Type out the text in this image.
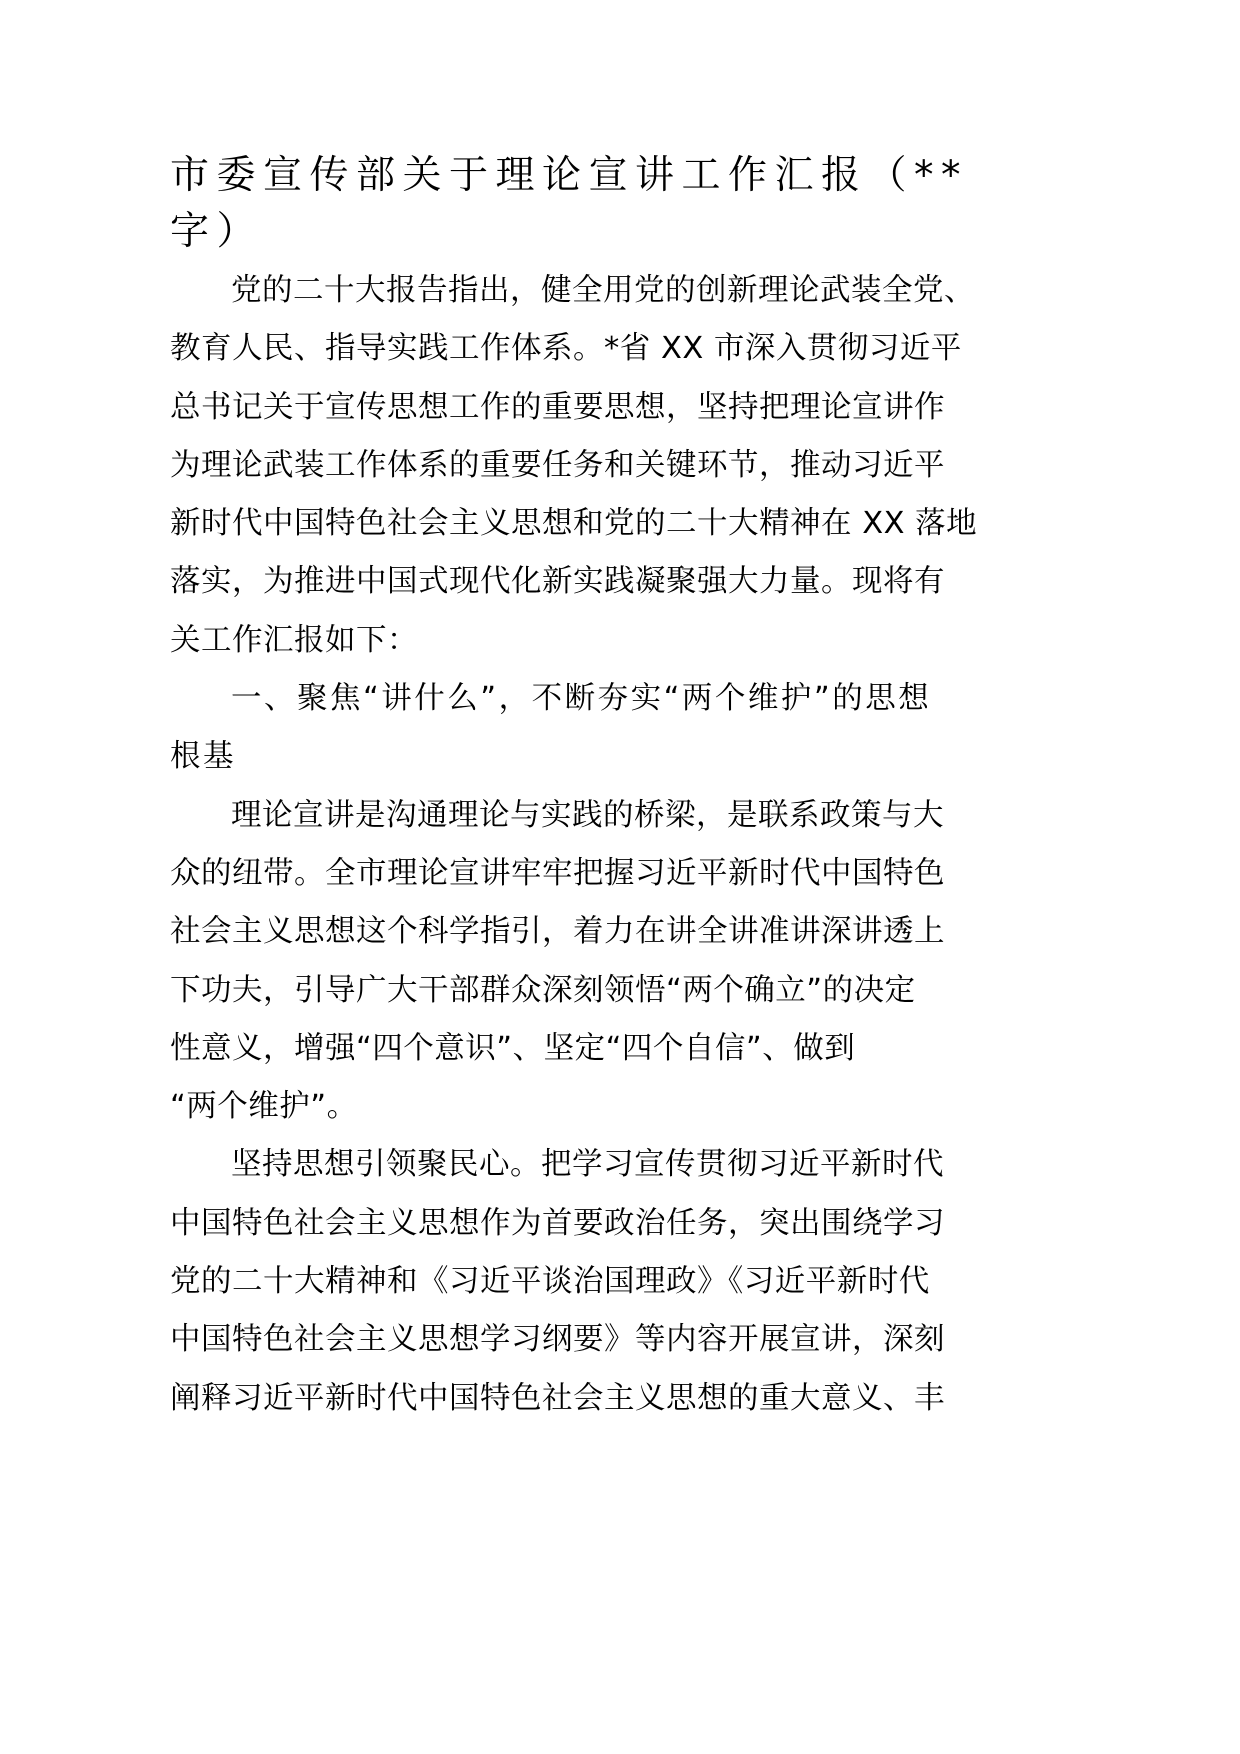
市委宣传部关于理论宣讲工作汇报（**
字）

党的二十大报告指出，健全用党的创新理论武装全党、
教育人民、指导实践工作体系。*省 XX 市深入贯彻习近平
总书记关于宣传思想工作的重要思想，坚持把理论宣讲作
为理论武装工作体系的重要任务和关键环节，推动习近平
新时代中国特色社会主义思想和党的二十大精神在 XX 落地
落实，为推进中国式现代化新实践凝聚强大力量。现将有
关工作汇报如下：

一、聚焦“讲什么”，不断夯实“两个维护”的思想
根基

理论宣讲是沟通理论与实践的桥梁，是联系政策与大
众的纽带。全市理论宣讲牢牢把握习近平新时代中国特色
社会主义思想这个科学指引，着力在讲全讲准讲深讲透上
下功夫，引导广大干部群众深刻领悟“两个确立”的决定
性意义，增强“四个意识”、坚定“四个自信”、做到
“两个维护”。

坚持思想引领聚民心。把学习宣传贯彻习近平新时代
中国特色社会主义思想作为首要政治任务，突出围绕学习
党的二十大精神和《习近平谈治国理政》《习近平新时代
中国特色社会主义思想学习纲要》等内容开展宣讲，深刻
阐释习近平新时代中国特色社会主义思想的重大意义、丰
